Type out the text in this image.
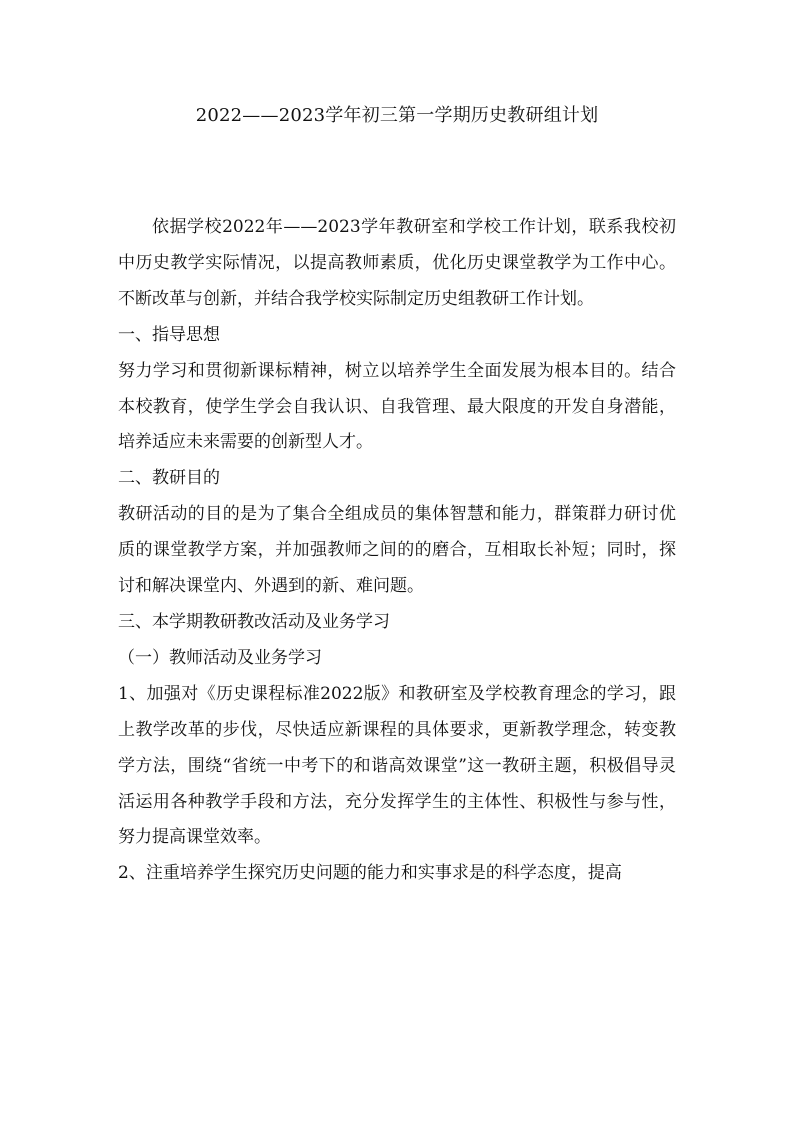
2022——2023学年初三第一学期历史教研组计划

依据学校2022年——2023学年教研室和学校工作计划，联系我校初中历史教学实际情况，以提高教师素质，优化历史课堂教学为工作中心。不断改革与创新，并结合我学校实际制定历史组教研工作计划。

一、指导思想

努力学习和贯彻新课标精神，树立以培养学生全面发展为根本目的。结合本校教育，使学生学会自我认识、自我管理、最大限度的开发自身潜能，培养适应未来需要的创新型人才。

二、教研目的

教研活动的目的是为了集合全组成员的集体智慧和能力，群策群力研讨优质的课堂教学方案，并加强教师之间的的磨合，互相取长补短；同时，探讨和解决课堂内、外遇到的新、难问题。

三、本学期教研教改活动及业务学习

（一）教师活动及业务学习

1、加强对《历史课程标准2022版》和教研室及学校教育理念的学习，跟上教学改革的步伐，尽快适应新课程的具体要求，更新教学理念，转变教学方法，围绕“省统一中考下的和谐高效课堂”这一教研主题，积极倡导灵活运用各种教学手段和方法，充分发挥学生的主体性、积极性与参与性，努力提高课堂效率。

2、注重培养学生探究历史问题的能力和实事求是的科学态度，提高
